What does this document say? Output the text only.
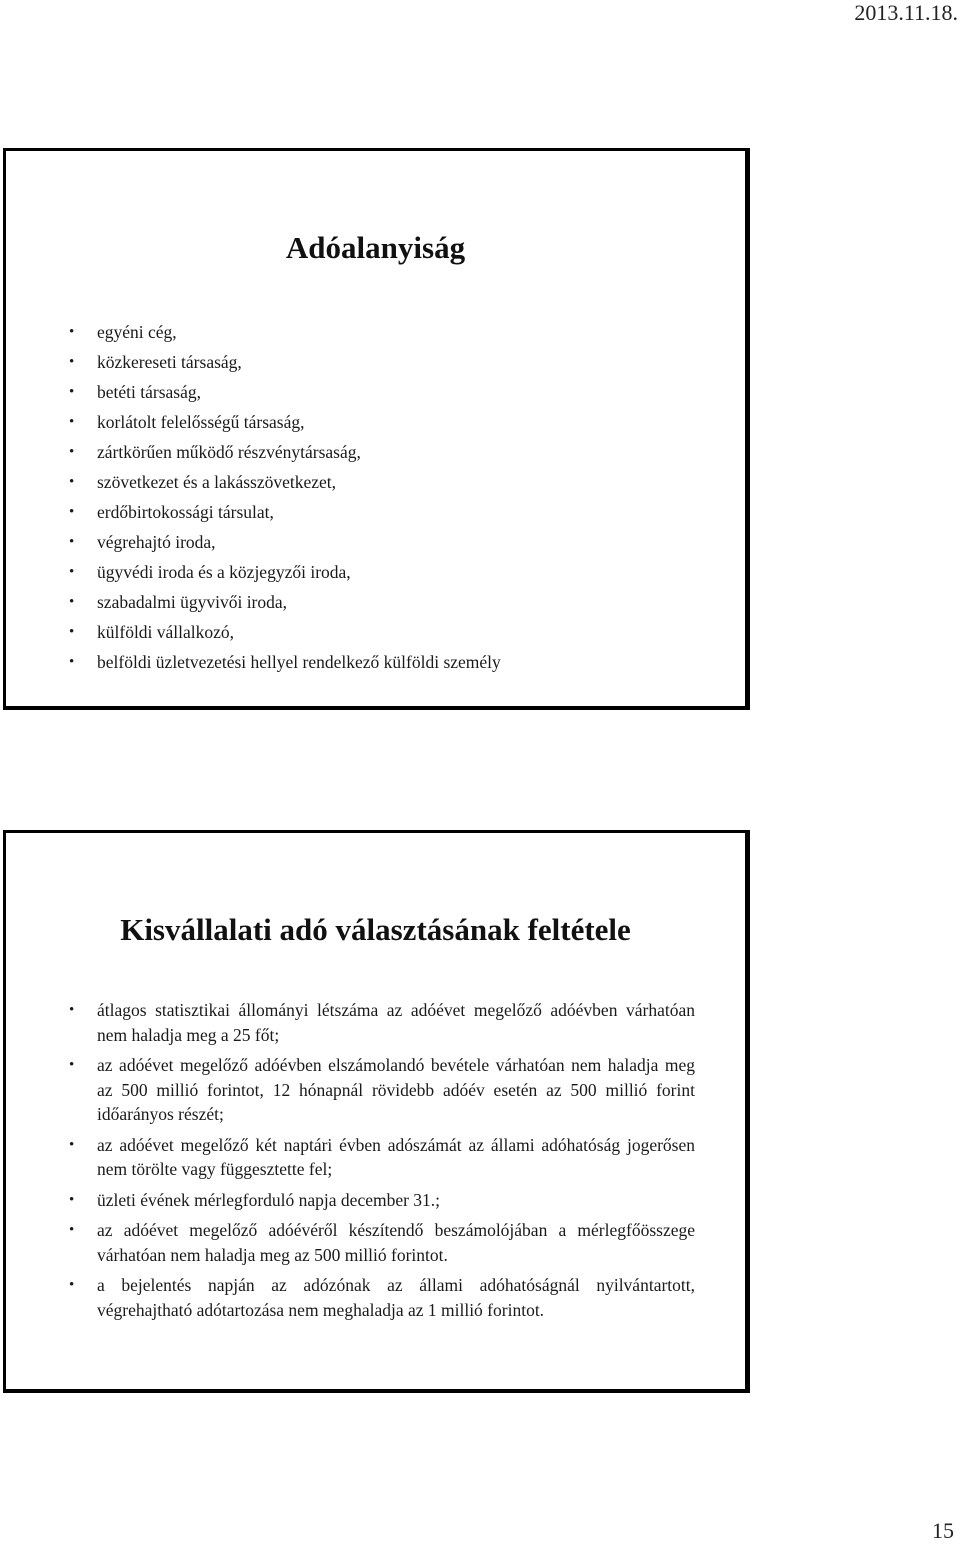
2013.11.18.
Adóalanyiság
• egyéni cég,
• közkereseti társaság,
• betéti társaság,
• korlátolt felelősségű társaság,
• zártkörűen működő részvénytársaság,
• szövetkezet és a lakásszövetkezet,
• erdőbirtokossági társulat,
• végrehajtó iroda,
• ügyvédi iroda és a közjegyzői iroda,
• szabadalmi ügyvivői iroda,
• külföldi vállalkozó,
• belföldi üzletvezetési hellyel rendelkező külföldi személy
Kisvállalati adó választásának feltétele
• átlagos statisztikai állományi létszáma az adóévet megelőző adóévben várhatóan nem haladja meg a 25 főt;
• az adóévet megelőző adóévben elszámolandó bevétele várhatóan nem haladja meg az 500 millió forintot, 12 hónapnál rövidebb adóév esetén az 500 millió forint időarányos részét;
• az adóévet megelőző két naptári évben adószámát az állami adóhatóság jogerősen nem törölte vagy függesztette fel;
• üzleti évének mérlegforduló napja december 31.;
• az adóévet megelőző adóévéről készítendő beszámolójában a mérlegfőösszege várhatóan nem haladja meg az 500 millió forintot.
• a bejelentés napján az adózónak az állami adóhatóságnál nyilvántartott, végrehajtható adótartozása nem meghaladja az 1 millió forintot.
15
